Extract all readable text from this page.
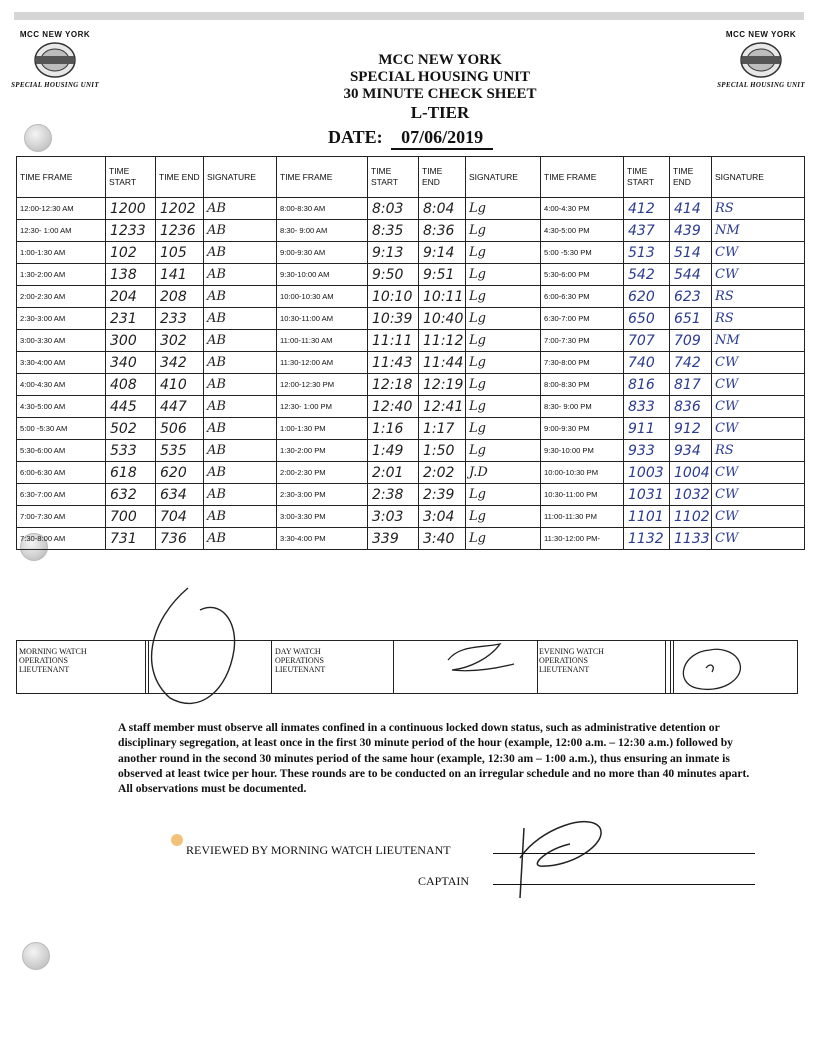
MCC NEW YORK
SPECIAL HOUSING UNIT
MCC NEW YORK
SPECIAL HOUSING UNIT
MCC NEW YORK
SPECIAL HOUSING UNIT
30 MINUTE CHECK SHEET
L-TIER
DATE: 07/06/2019
TIME FRAME	TIME START	TIME END	SIGNATURE	TIME FRAME	TIME START	TIME END	SIGNATURE	TIME FRAME	TIME START	TIME END	SIGNATURE
12:00-12:30 AM	1200	1202	AB	8:00-8:30 AM	8:03	8:04	Lg	4:00-4:30 PM	412	414	RS
12:30- 1:00 AM	1233	1236	AB	8:30- 9:00 AM	8:35	8:36	Lg	4:30-5:00 PM	437	439	NM
1:00-1:30 AM	102	105	AB	9:00-9:30 AM	9:13	9:14	Lg	5:00 -5:30 PM	513	514	CW
1:30-2:00 AM	138	141	AB	9:30-10:00 AM	9:50	9:51	Lg	5:30-6:00 PM	542	544	CW
2:00-2:30 AM	204	208	AB	10:00-10:30 AM	10:10	10:11	Lg	6:00-6:30 PM	620	623	RS
2:30-3:00 AM	231	233	AB	10:30-11:00 AM	10:39	10:40	Lg	6:30-7:00 PM	650	651	RS
3:00-3:30 AM	300	302	AB	11:00-11:30 AM	11:11	11:12	Lg	7:00-7:30 PM	707	709	NM
3:30-4:00 AM	340	342	AB	11:30-12:00 AM	11:43	11:44	Lg	7:30-8:00 PM	740	742	CW
4:00-4:30 AM	408	410	AB	12:00-12:30 PM	12:18	12:19	Lg	8:00-8:30 PM	816	817	CW
4:30-5:00 AM	445	447	AB	12:30- 1:00 PM	12:40	12:41	Lg	8:30- 9:00 PM	833	836	CW
5:00 -5:30 AM	502	506	AB	1:00-1:30 PM	1:16	1:17	Lg	9:00-9:30 PM	911	912	CW
5:30-6:00 AM	533	535	AB	1:30-2:00 PM	1:49	1:50	Lg	9:30-10:00 PM	933	934	RS
6:00-6:30 AM	618	620	AB	2:00-2:30 PM	2:01	2:02	J.D	10:00-10:30 PM	1003	1004	CW
6:30-7:00 AM	632	634	AB	2:30-3:00 PM	2:38	2:39	Lg	10:30-11:00 PM	1031	1032	CW
7:00-7:30 AM	700	704	AB	3:00-3:30 PM	3:03	3:04	Lg	11:00-11:30 PM	1101	1102	CW
7:30-8:00 AM	731	736	AB	3:30-4:00 PM	339	3:40	Lg	11:30-12:00 PM-	1132	1133	CW
MORNING WATCH
OPERATIONS
LIEUTENANT
DAY WATCH
OPERATIONS
LIEUTENANT
EVENING WATCH
OPERATIONS
LIEUTENANT
A staff member must observe all inmates confined in a continuous locked down status, such as administrative detention or disciplinary segregation, at least once in the first 30 minute period of the hour (example, 12:00 a.m. – 12:30 a.m.) followed by another round in the second 30 minutes period of the same hour (example, 12:30 am – 1:00 a.m.), thus ensuring an inmate is observed at least twice per hour. These rounds are to be conducted on an irregular schedule and no more than 40 minutes apart. All observations must be documented.
REVIEWED BY MORNING WATCH LIEUTENANT
CAPTAIN
